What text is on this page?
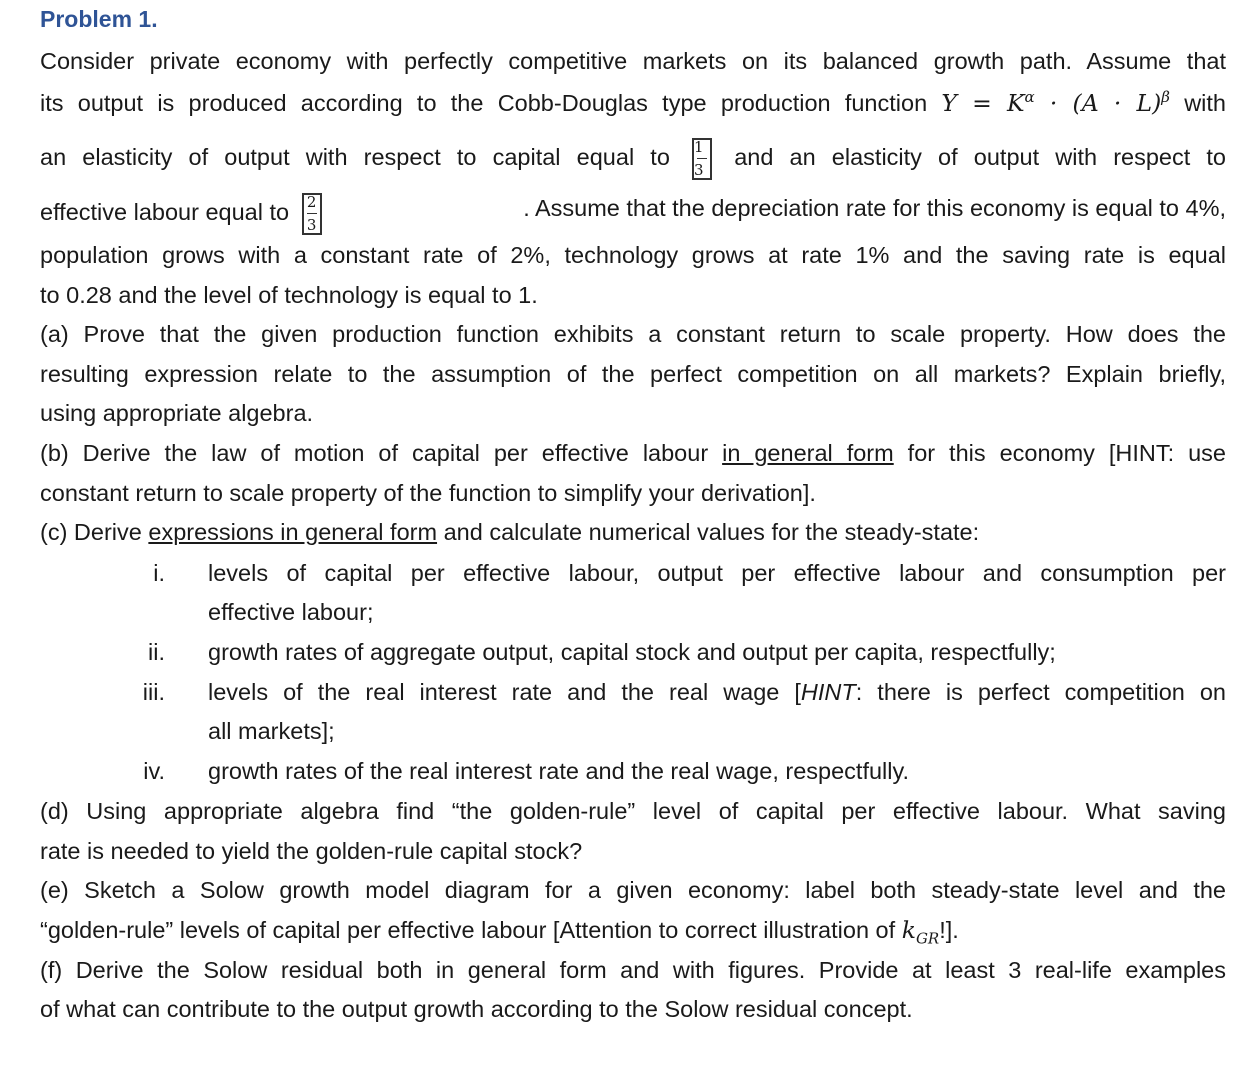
Problem 1.
Consider private economy with perfectly competitive markets on its balanced growth path. Assume that
its output is produced according to the Cobb-Douglas type production function $Y = K^\alpha \cdot (A \cdot L)^\beta$ with
an elasticity of output with respect to capital equal to $\frac{1}{3}$ and an elasticity of output with respect to
effective labour equal to $\frac{2}{3}$	. Assume that the depreciation rate for this economy is equal to 4%,
population grows with a constant rate of 2%, technology grows at rate 1% and the saving rate is equal
to 0.28 and the level of technology is equal to 1.
(a) Prove that the given production function exhibits a constant return to scale property. How does the
resulting expression relate to the assumption of the perfect competition on all markets? Explain briefly,
using appropriate algebra.
(b) Derive the law of motion of capital per effective labour in general form for this economy [HINT: use
constant return to scale property of the function to simplify your derivation].
(c) Derive expressions in general form and calculate numerical values for the steady-state:
i. levels of capital per effective labour, output per effective labour and consumption per
effective labour;
ii. growth rates of aggregate output, capital stock and output per capita, respectfully;
iii. levels of the real interest rate and the real wage [HINT: there is perfect competition on
all markets];
iv. growth rates of the real interest rate and the real wage, respectfully.
(d) Using appropriate algebra find “the golden-rule” level of capital per effective labour. What saving
rate is needed to yield the golden-rule capital stock?
(e) Sketch a Solow growth model diagram for a given economy: label both steady-state level and the
“golden-rule” levels of capital per effective labour [Attention to correct illustration of $k_{GR}$!].
(f) Derive the Solow residual both in general form and with figures. Provide at least 3 real-life examples
of what can contribute to the output growth according to the Solow residual concept.
